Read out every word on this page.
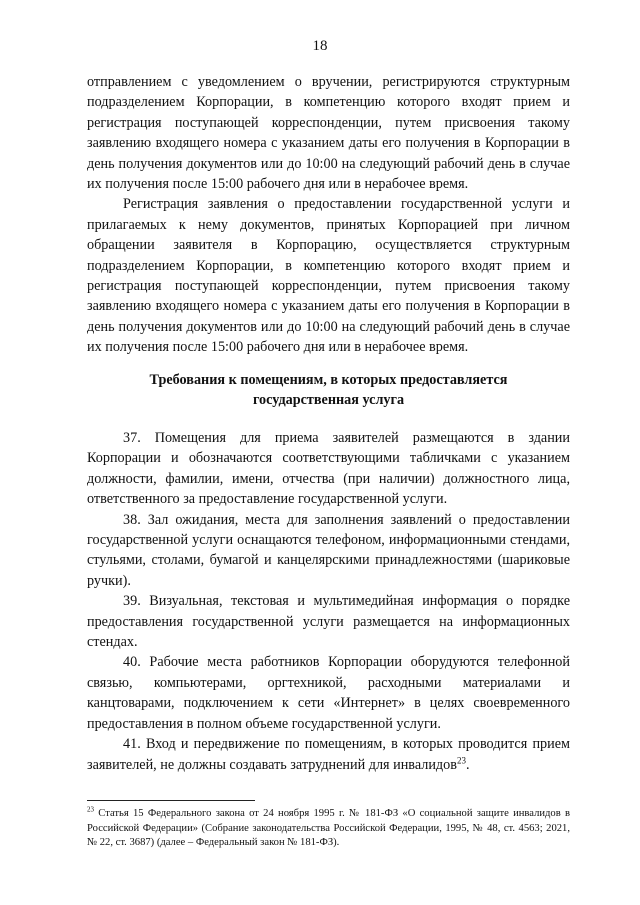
18

отправлением с уведомлением о вручении, регистрируются структурным подразделением Корпорации, в компетенцию которого входят прием и регистрация поступающей корреспонденции, путем присвоения такому заявлению входящего номера с указанием даты его получения в Корпорации в день получения документов или до 10:00 на следующий рабочий день в случае их получения после 15:00 рабочего дня или в нерабочее время.

Регистрация заявления о предоставлении государственной услуги и прилагаемых к нему документов, принятых Корпорацией при личном обращении заявителя в Корпорацию, осуществляется структурным подразделением Корпорации, в компетенцию которого входят прием и регистрация поступающей корреспонденции, путем присвоения такому заявлению входящего номера с указанием даты его получения в Корпорации в день получения документов или до 10:00 на следующий рабочий день в случае их получения после 15:00 рабочего дня или в нерабочее время.

Требования к помещениям, в которых предоставляется
государственная услуга

37. Помещения для приема заявителей размещаются в здании Корпорации и обозначаются соответствующими табличками с указанием должности, фамилии, имени, отчества (при наличии) должностного лица, ответственного за предоставление государственной услуги.

38. Зал ожидания, места для заполнения заявлений о предоставлении государственной услуги оснащаются телефоном, информационными стендами, стульями, столами, бумагой и канцелярскими принадлежностями (шариковые ручки).

39. Визуальная, текстовая и мультимедийная информация о порядке предоставления государственной услуги размещается на информационных стендах.

40. Рабочие места работников Корпорации оборудуются телефонной связью, компьютерами, оргтехникой, расходными материалами и канцтоварами, подключением к сети «Интернет» в целях своевременного предоставления в полном объеме государственной услуги.

41. Вход и передвижение по помещениям, в которых проводится прием заявителей, не должны создавать затруднений для инвалидов$^{23}$.

$^{23}$ Статья 15 Федерального закона от 24 ноября 1995 г. № 181-ФЗ «О социальной защите инвалидов в Российской Федерации» (Собрание законодательства Российской Федерации, 1995, № 48, ст. 4563; 2021, № 22, ст. 3687) (далее – Федеральный закон № 181-ФЗ).
